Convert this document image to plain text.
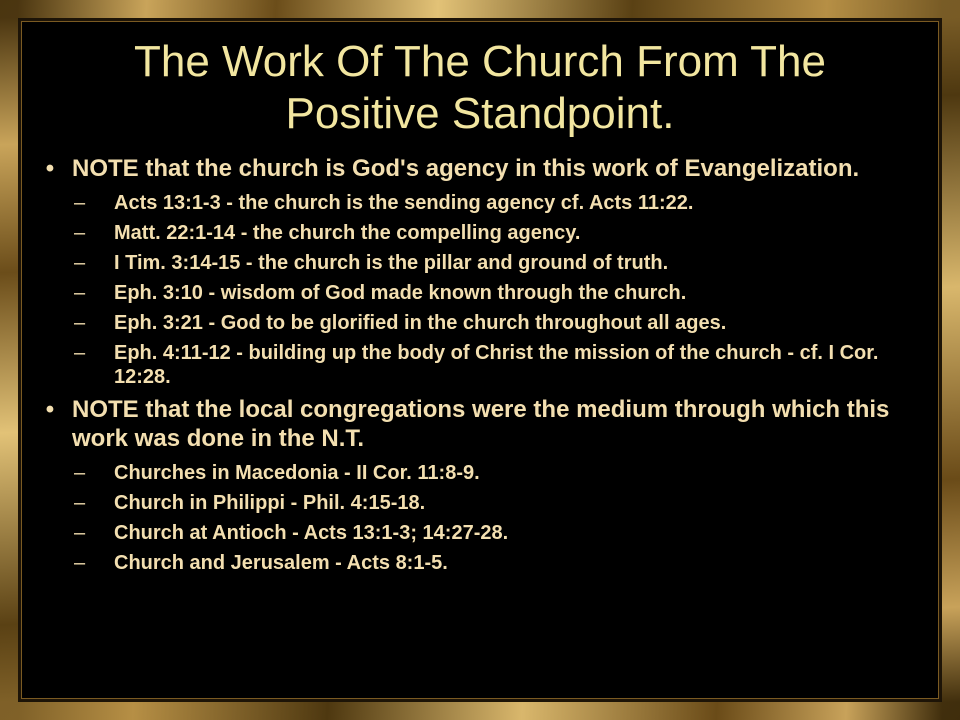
The Work Of The Church From The
Positive Standpoint.
• NOTE that the church is God's agency in this work of Evangelization.
– Acts 13:1-3 - the church is the sending agency cf. Acts 11:22.
– Matt. 22:1-14 - the church the compelling agency.
– I Tim. 3:14-15 - the church is the pillar and ground of truth.
– Eph. 3:10 - wisdom of God made known through the church.
– Eph. 3:21 - God to be glorified in the church throughout all ages.
– Eph. 4:11-12 - building up the body of Christ the mission of the church - cf. I Cor. 12:28.
• NOTE that the local congregations were the medium through which this work was done in the N.T.
– Churches in Macedonia - II Cor. 11:8-9.
– Church in Philippi - Phil. 4:15-18.
– Church at Antioch - Acts 13:1-3; 14:27-28.
– Church and Jerusalem - Acts 8:1-5.
